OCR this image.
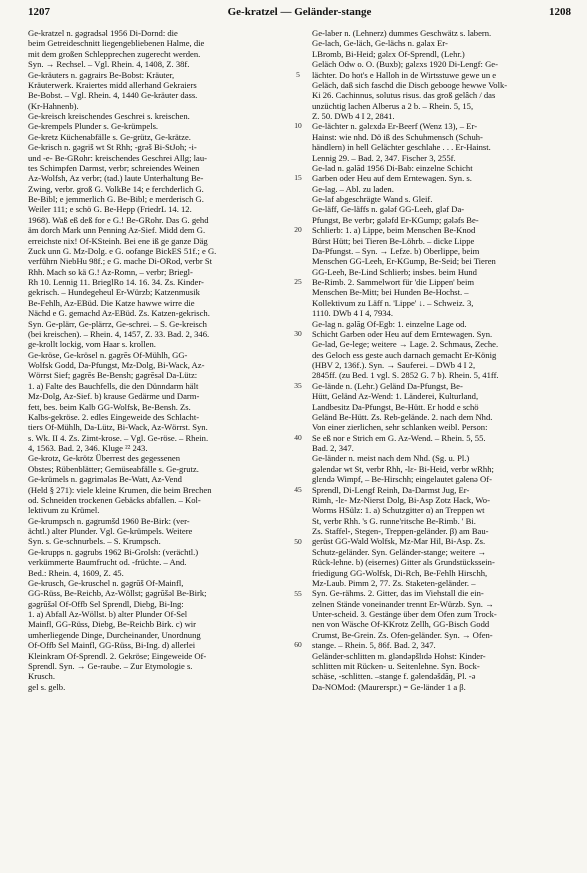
1207	Ge-kratzel — Geländer-stange	1208
Ge-kratzel n. gəgradsəl 1956 Di-Dornd: die
beim Getreideschnitt liegengebliebenen Halme, die
mit dem großen Schlepprechen zugerecht werden.
Syn. → Rechsel. – Vgl. Rhein. 4, 1408, Z. 38f.
Ge-kräuters n. gəgrairs Be-Bobst: Kräuter,
Kräuterwerk. Kraiertes midd allerhand Gekraiers
Be-Bobst. – Vgl. Rhein. 4, 1440 Ge-kräuter dass.
(Kr-Hahnenb).
Ge-kreisch kreischendes Geschrei s. kreischen.
Ge-krempels Plunder s. Ge-krümpels.
Ge-kretz Küchenabfälle s. Ge-grütz, Ge-krätze.
Ge-krisch n. gəgriš wt St Rhh; -grəš Bi-StJoh; -i-
und -e- Be-GRohr: kreischendes Geschrei Allg; lau-
tes Schimpfen Darmst, verbr; schreiendes Weinen
Az-Wolfsh, Az verbr; (tad.) laute Unterhaltung Be-
Zwing, verbr. groß G. VolkBe 14; e ferchderlich G.
Be-Bibl; e jemmerlich G. Be-Bibl; e merderisch G.
Weiler 111; e schö G. Be-Hepp (FriedrL 14. 12.
1968). Waß eß deß for e G.! Be-GRohr. Das G. gehd
äm dorch Mark unn Penning Az-Sief. Midd dem G.
erreichste nix! Of-KSteinh. Bei ene iß ge ganze Däg
Zuck unn G. Mz-Dolg. e G. oofange BickES 51f.; e G.
verführn NiebHu 98f.; e G. mache Di-ORod, verbr St
Rhh. Mach so kä G.! Az-Romn, – verbr; Briegl-
Rh 10. Lennig 11. BrieglRo 14. 16. 34. Zs. Kinder-
gekrisch. – Hundegeheul Er-Würzb; Katzenmusik
Be-Fehlh, Az-EBüd. Die Katze hawwe wirre die
Nächd e G. gemachd Az-EBüd. Zs. Katzen-gekrisch.
Syn. Ge-plärr, Ge-plärrz, Ge-schrei. – S. Ge-kreisch
(bei kreischen). – Rhein. 4, 1457, Z. 33. Bad. 2, 346.
ge-krollt lockig, vom Haar s. krollen.
Ge-kröse, Ge-krösel n. gəgrēs Of-Mühlh, GG-
Wolfsk Godd, Da-Pfungst, Mz-Dolg, Bi-Wack, Az-
Wörrst Sief; gəgrēs Be-Bensh; gəgrēsəl Da-Lütz:
1. a) Falte des Bauchfells, die den Dünndarm hält
Mz-Dolg, Az-Sief. b) krause Gedärme und Darm-
fett, bes. beim Kalb GG-Wolfsk, Be-Bensh. Zs.
Kalbs-gekröse. 2. edles Eingeweide des Schlacht-
tiers Of-Mühlh, Da-Lütz, Bi-Wack, Az-Wörrst. Syn.
s. Wk. II 4. Zs. Zimt-krose. – Vgl. Ge-röse. – Rhein.
4, 1563. Bad. 2, 346. Kluge ²² 243.
Ge-krotz, Ge-krötz Überrest des gegessenen
Obstes; Rübenblätter; Gemüseabfälle s. Ge-grutz.
Ge-krümels n. gəgrimələs Be-Watt, Az-Vend
(Held § 271): viele kleine Krumen, die beim Brechen
od. Schneiden trockenen Gebäcks abfallen. – Kol-
lektivum zu Krümel.
Ge-krumpsch n. gəgrumšd 1960 Be-Birk: (ver-
ächtl.) alter Plunder. Vgl. Ge-krümpels. Weitere
Syn. s. Ge-schnurbels. – S. Krumpsch.
Ge-krupps n. gəgrubs 1962 Bi-Grolsh: (verächtl.)
verkümmerte Baumfrucht od. -früchte. – And.
Bed.: Rhein. 4, 1609, Z. 45.
Ge-krusch, Ge-kruschel n. gəgrūš Of-Mainfl,
GG-Rüss, Be-Reichb, Az-Wöllst; gəgrūšəl Be-Birk;
gəgrūšəl Of-Offb Sel Sprendl, Diebg, Bi-Ing:
1. a) Abfall Az-Wöllst. b) alter Plunder Of-Sel
Mainfl, GG-Rüss, Diebg, Be-Reichb Birk. c) wir
umherliegende Dinge, Durcheinander, Unordnung
Of-Offb Sel Mainfl, GG-Rüss, Bi-Ing. d) allerlei
Kleinkram Of-Sprendl. 2. Gekröse; Eingeweide Of-
Sprendl. Syn. → Ge-raube. – Zur Etymologie s.
Krusch.
gel s. gelb.
5
10
15
20
25
30
35
40
45
50
55
60
Ge-laber n. (Lehnerz) dummes Geschwätz s. labern.
Ge-lach, Ge-läch, Ge-lächs n. gəlax Er-
LBromb, Bi-Heid; gəlɛx Of-Sprendl, (Lehr.)
Geläch Odw o. O. (Buxb); gəlɛxs 1920 Di-Lengf: Ge-
lächter. Do hot's e Halloh in de Wirtsstuwe gewe un e
Geläch, daß sich faschd die Disch gebooge hewwe Volk-
Ki 26. Cachinnus, solutus risus. das groß gelâch / das
unzüchtig lachen Alberus a 2 b. – Rhein. 5, 15,
Z. 50. DWb 4 I 2, 2841.
Ge-lächter n. gəlɛxdə Er-Beerf (Wenz 13), – Er-
Hainst: wie nhd. Dö iß des Schuhmensch (Schuh-
händlern) in hell Gelächter geschlahe . . . Er-Hainst.
Lennig 29. – Bad. 2, 347. Fischer 3, 255f.
Ge-lad n. gəlād 1956 Di-Bab: einzelne Schicht
Garben oder Heu auf dem Erntewagen. Syn. s.
Ge-lag. – Abl. zu laden.
Ge-laf abgeschrägte Wand s. Gleif.
Ge-läff, Ge-läffs n. gələf GG-Leeh, gləf Da-
Pfungst, Be verbr; gələfd Er-KGump; gələfs Be-
Schlierb: 1. a) Lippe, beim Menschen Be-Knod
Bürst Hütt; bei Tieren Be-Löhrb. – dicke Lippe
Da-Pfungst. – Syn. → Lefze. b) Oberlippe, beim
Menschen GG-Leeh, Er-KGump, Be-Seid; bei Tieren
GG-Leeh, Be-Lind Schlierb; insbes. beim Hund
Be-Rimb. 2. Sammelwort für 'die Lippen' beim
Menschen Be-Mitt; bei Hunden Be-Hochst. –
Kollektivum zu Läff n. 'Lippe' ↓. – Schweiz. 3,
1110. DWb 4 I 4, 7934.
Ge-lag n. gəlāg Of-Egb: 1. einzelne Lage od.
Schicht Garben oder Heu auf dem Erntewagen. Syn.
Ge-lad, Ge-lege; weitere → Lage. 2. Schmaus, Zeche.
des Geloch ess geste auch darnach gemacht Er-König
(HBV 2, 136f.). Syn. → Sauferei. – DWb 4 I 2,
2845ff. (zu Bed. 1 vgl. S. 2852 G. 7 b). Rhein. 5, 41ff.
Ge-lände n. (Lehr.) Geländ Da-Pfungst, Be-
Hütt, Geländ Az-Wend: 1. Länderei, Kulturland,
Landbesitz Da-Pfungst, Be-Hütt. Er hodd e schö
Geländ Be-Hütt. Zs. Reb-gelände. 2. nach dem Nhd.
Von einer zierlichen, sehr schlanken weibl. Person:
Se eß nor e Strich em G. Az-Wend. – Rhein. 5, 55.
Bad. 2, 347.
Ge-länder n. meist nach dem Nhd. (Sg. u. Pl.)
gəlendər wt St, verbr Rhh, -lɛ- Bi-Heid, verbr wRhh;
glɛndə Wimpf, – Be-Hirschh; eingelautet gəlenə Of-
Sprendl, Di-Lengf Reinh, Da-Darmst Jug, Er-
Rimh, -lɛ- Mz-Nierst Dolg, Bi-Asp Zotz Hack, Wo-
Worms HSülz: 1. a) Schutzgitter α) an Treppen wt
St, verbr Rhh. 's G. runne'ritsche Be-Rimb. ' Bi.
Zs. Staffel-, Stegen-, Treppen-geländer. β) am Bau-
gerüst GG-Wald Wolfsk, Mz-Mar Hil, Bi-Asp. Zs.
Schutz-geländer. Syn. Geländer-stange; weitere →
Rück-lehne. b) (eisernes) Gitter als Grundstückssein-
friedigung GG-Wolfsk, Di-Rch, Be-Fehlh Hirschh,
Mz-Laub. Pimm 2, 77. Zs. Staketen-geländer. –
Syn. Ge-rähms. 2. Gitter, das im Viehstall die ein-
zelnen Stände voneinander trennt Er-Würzb. Syn. →
Unter-scheid. 3. Gestänge über dem Ofen zum Trock-
nen von Wäsche Of-KKrotz Zellh, GG-Bisch Godd
Crumst, Be-Grein. Zs. Ofen-geländer. Syn. → Ofen-
stange. – Rhein. 5, 86f. Bad. 2, 347.
Geländer-schlitten m. gləndəpšlɪdə Hohst: Kinder-
schlitten mit Rücken- u. Seitenlehne. Syn. Bock-
schäse, -schlitten. –stange f. gəlendəšdāŋ, Pl. -ə
Da-NOMod: (Maurerspr.) = Ge-länder 1 a β.
